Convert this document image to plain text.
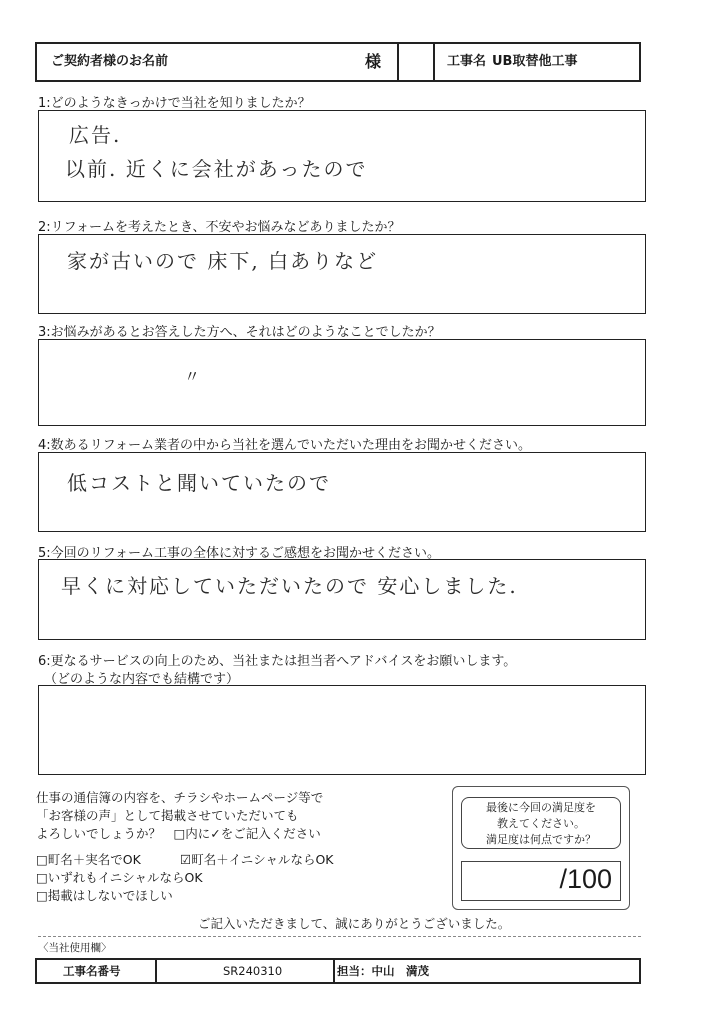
ご契約者様のお名前	様	工事名 UB取替他工事
1:どのようなきっかけで当社を知りましたか？
広告.
以前. 近くに会社があったので
2:リフォームを考えたとき、不安やお悩みなどありましたか？
家が古いので 床下, 白ありなど
3:お悩みがあるとお答えした方へ、それはどのようなことでしたか？
〃
4:数あるリフォーム業者の中から当社を選んでいただいた理由をお聞かせください。
低コストと聞いていたので
5:今回のリフォーム工事の全体に対するご感想をお聞かせください。
早くに対応していただいたので 安心しました.
6:更なるサービスの向上のため、当社または担当者へアドバイスをお願いします。
（どのような内容でも結構です）
仕事の通信簿の内容を、チラシやホームページ等で
「お客様の声」として掲載させていただいても
よろしいでしょうか？　□内に✓をご記入ください
□町名＋実名でOK	☑町名＋イニシャルならOK
□いずれもイニシャルならOK
□掲載はしないでほしい
最後に今回の満足度を
教えてください。
満足度は何点ですか？
/100
ご記入いただきまして、誠にありがとうございました。
〈当社使用欄〉
工事名番号	SR240310	担当：中山　満茂
